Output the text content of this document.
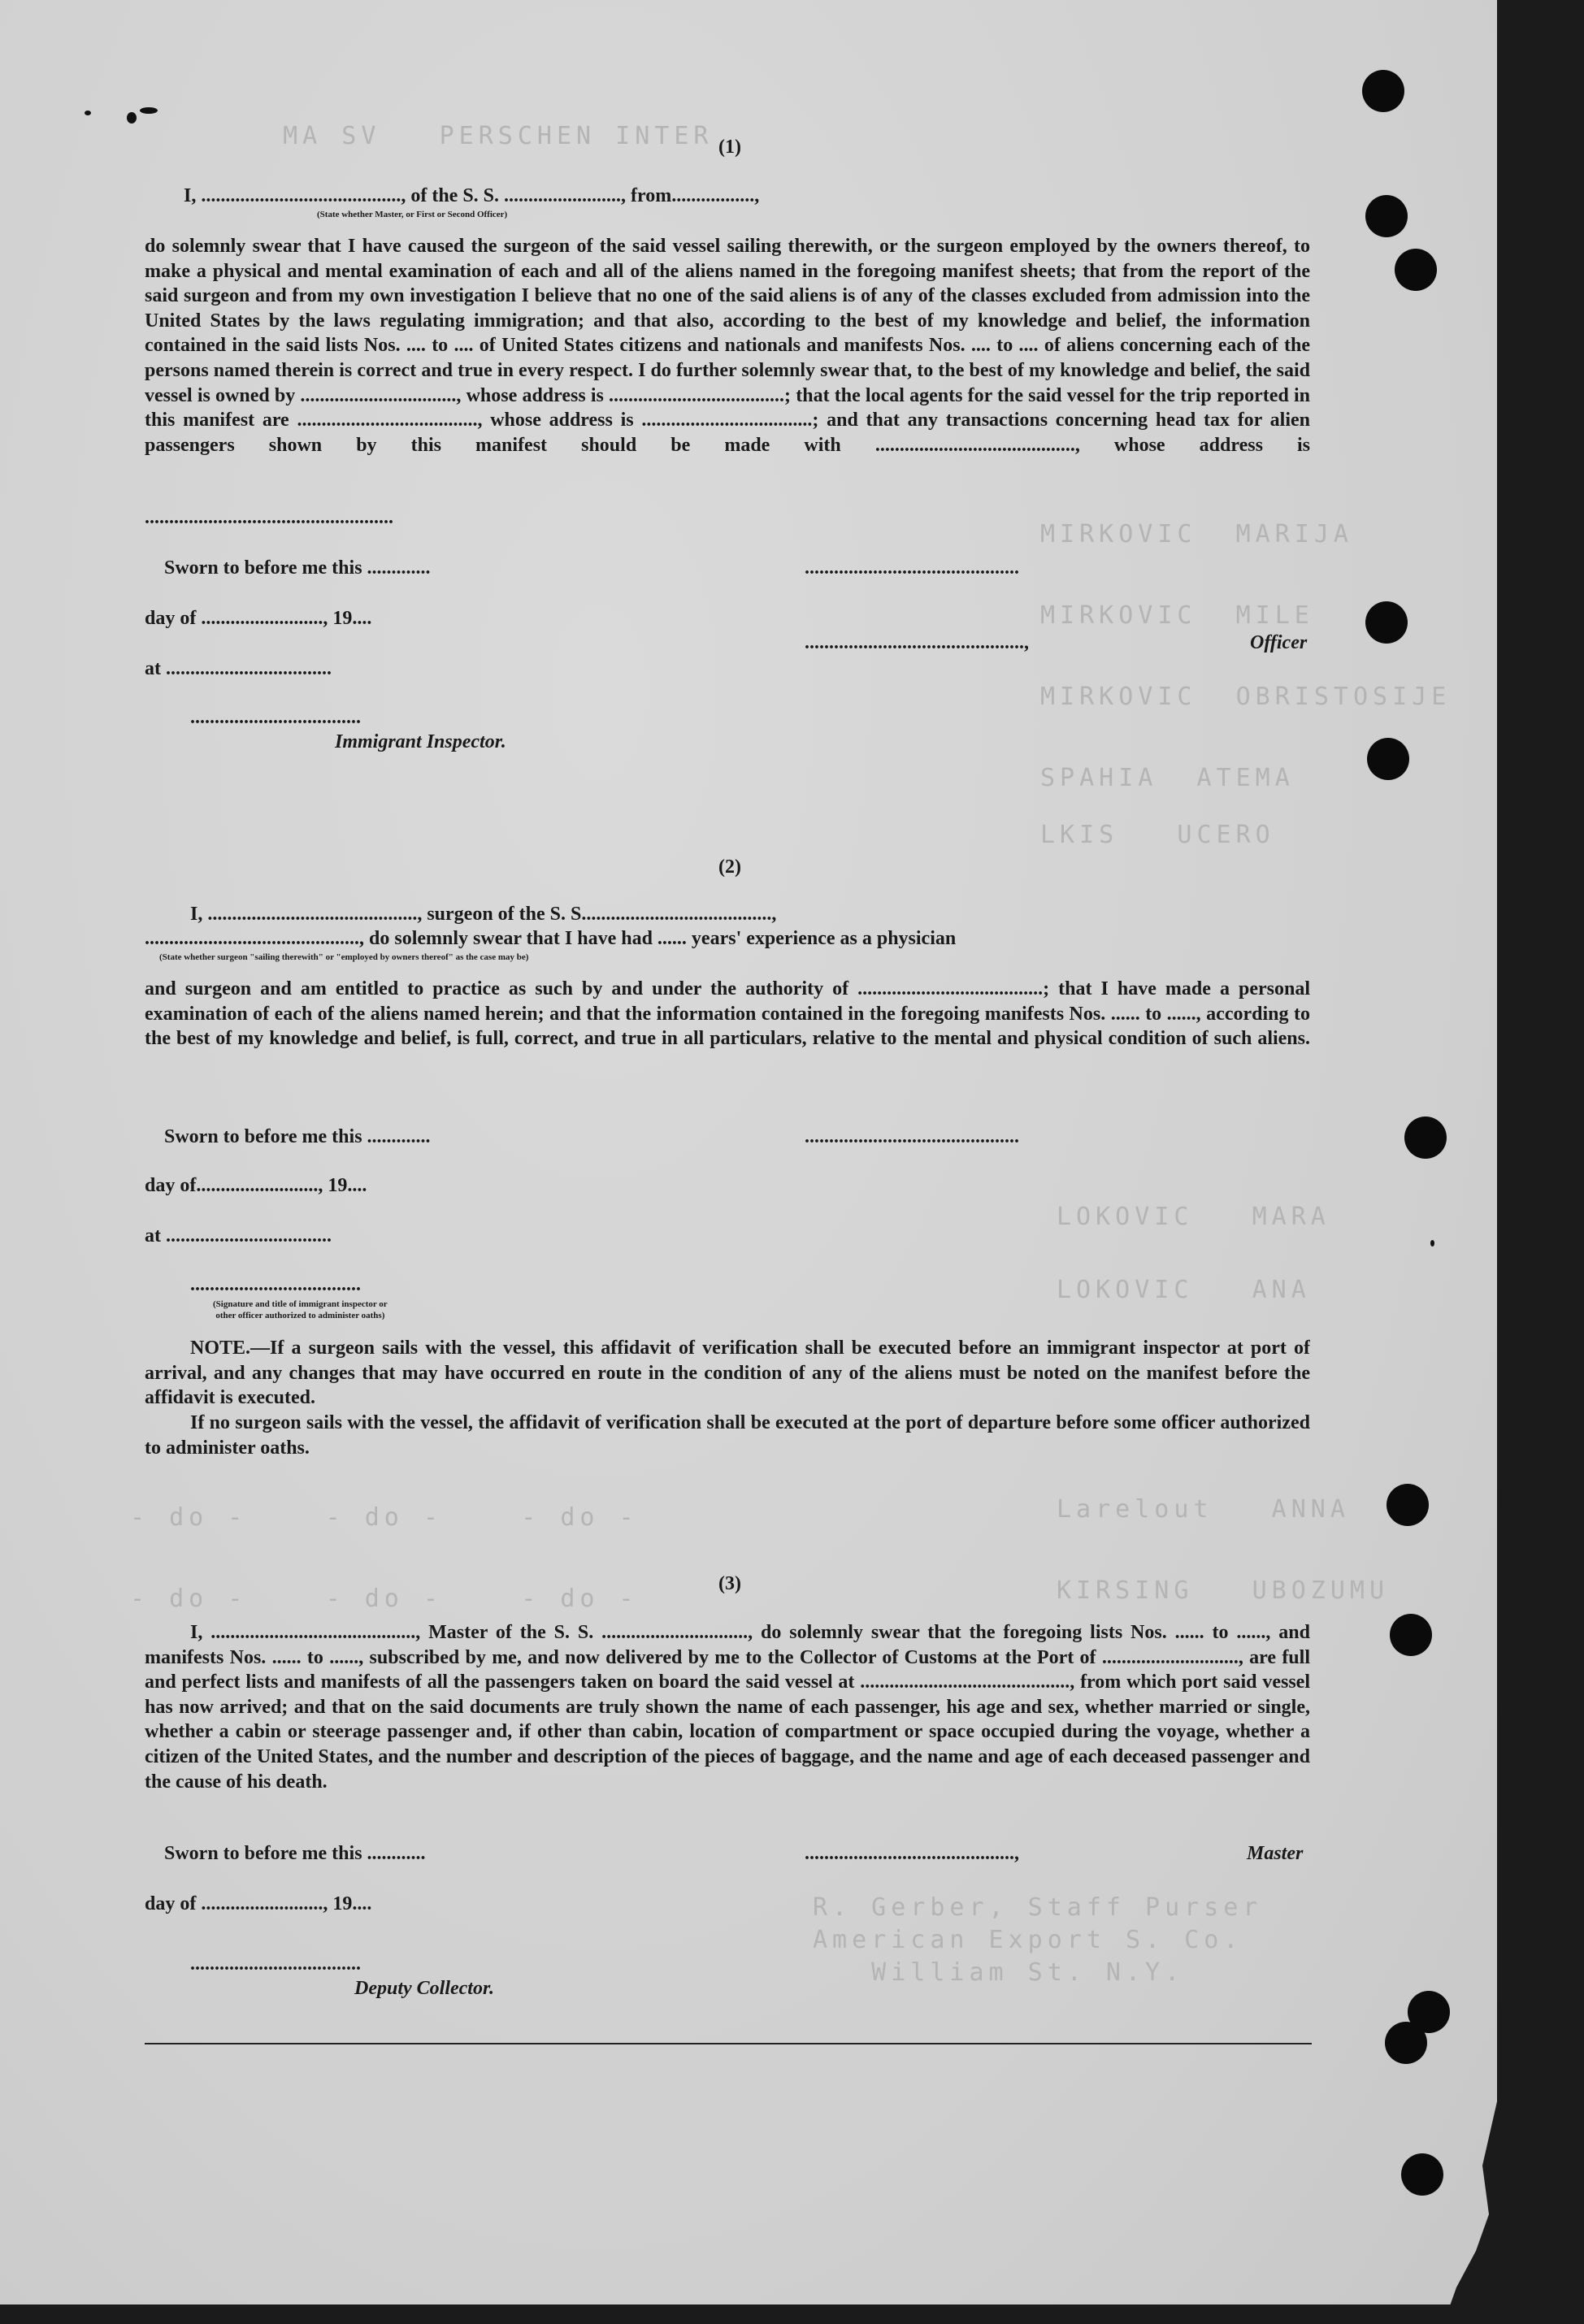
MA SV   PERSCHEN INTER
MIRKOVIC  MARIJA
MIRKOVIC  MILE
MIRKOVIC  OBRISTOSIJE
SPAHIA  ATEMA
LKIS   UCERO
LOKOVIC   MARA
LOKOVIC   ANA
Larelout   ANNA
KIRSING   UBOZUMU
R. Gerber, Staff Purser
American Export S. Co.
William St. N.Y.
- do -    - do -    - do -
- do -    - do -    - do -
(1)
I, ........................................., of the S. S. ........................, from.................,
(State whether Master, or First or Second Officer)
do solemnly swear that I have caused the surgeon of the said vessel sailing therewith, or the surgeon employed by the owners thereof, to make a physical and mental examination of each and all of the aliens named in the foregoing manifest sheets; that from the report of the said surgeon and from my own investigation I believe that no one of the said aliens is of any of the classes excluded from admission into the United States by the laws regulating immigration; and that also, according to the best of my knowledge and belief, the information contained in the said lists Nos. .... to .... of United States citizens and nationals and manifests Nos. .... to .... of aliens concerning each of the persons named therein is correct and true in every respect. I do further solemnly swear that, to the best of my knowledge and belief, the said vessel is owned by ................................, whose address is ....................................; that the local agents for the said vessel for the trip reported in this manifest are ....................................., whose address is ...................................; and that any transactions concerning head tax for alien passengers shown by this manifest should be made with ........................................., whose address is
...................................................
Sworn to before me this .............	............................................
day of ........................., 19....
.............................................,	Officer
at ..................................
...................................
Immigrant Inspector.
(2)
I, ..........................................., surgeon of the S. S.......................................,
............................................, do solemnly swear that I have had ...... years' experience as a physician
(State whether surgeon "sailing therewith" or "employed by owners thereof" as the case may be)
and surgeon and am entitled to practice as such by and under the authority of ......................................; that I have made a personal examination of each of the aliens named herein; and that the information contained in the foregoing manifests Nos. ...... to ......, according to the best of my knowledge and belief, is full, correct, and true in all particulars, relative to the mental and physical condition of such aliens.
Sworn to before me this .............	............................................
day of........................., 19....
at ..................................
...................................
(Signature and title of immigrant inspector or
other officer authorized to administer oaths)
NOTE.—If a surgeon sails with the vessel, this affidavit of verification shall be executed before an immigrant inspector at port of arrival, and any changes that may have occurred en route in the condition of any of the aliens must be noted on the manifest before the affidavit is executed.
If no surgeon sails with the vessel, the affidavit of verification shall be executed at the port of departure before some officer authorized to administer oaths.
(3)
I, .........................................., Master of the S. S. .............................., do solemnly swear that the foregoing lists Nos. ...... to ......, and manifests Nos. ...... to ......, subscribed by me, and now delivered by me to the Collector of Customs at the Port of ............................, are full and perfect lists and manifests of all the passengers taken on board the said vessel at ..........................................., from which port said vessel has now arrived; and that on the said documents are truly shown the name of each passenger, his age and sex, whether married or single, whether a cabin or steerage passenger and, if other than cabin, location of compartment or space occupied during the voyage, whether a citizen of the United States, and the number and description of the pieces of baggage, and the name and age of each deceased passenger and the cause of his death.
Sworn to before me this ............	...........................................,	Master
day of ........................., 19....
...................................
Deputy Collector.
